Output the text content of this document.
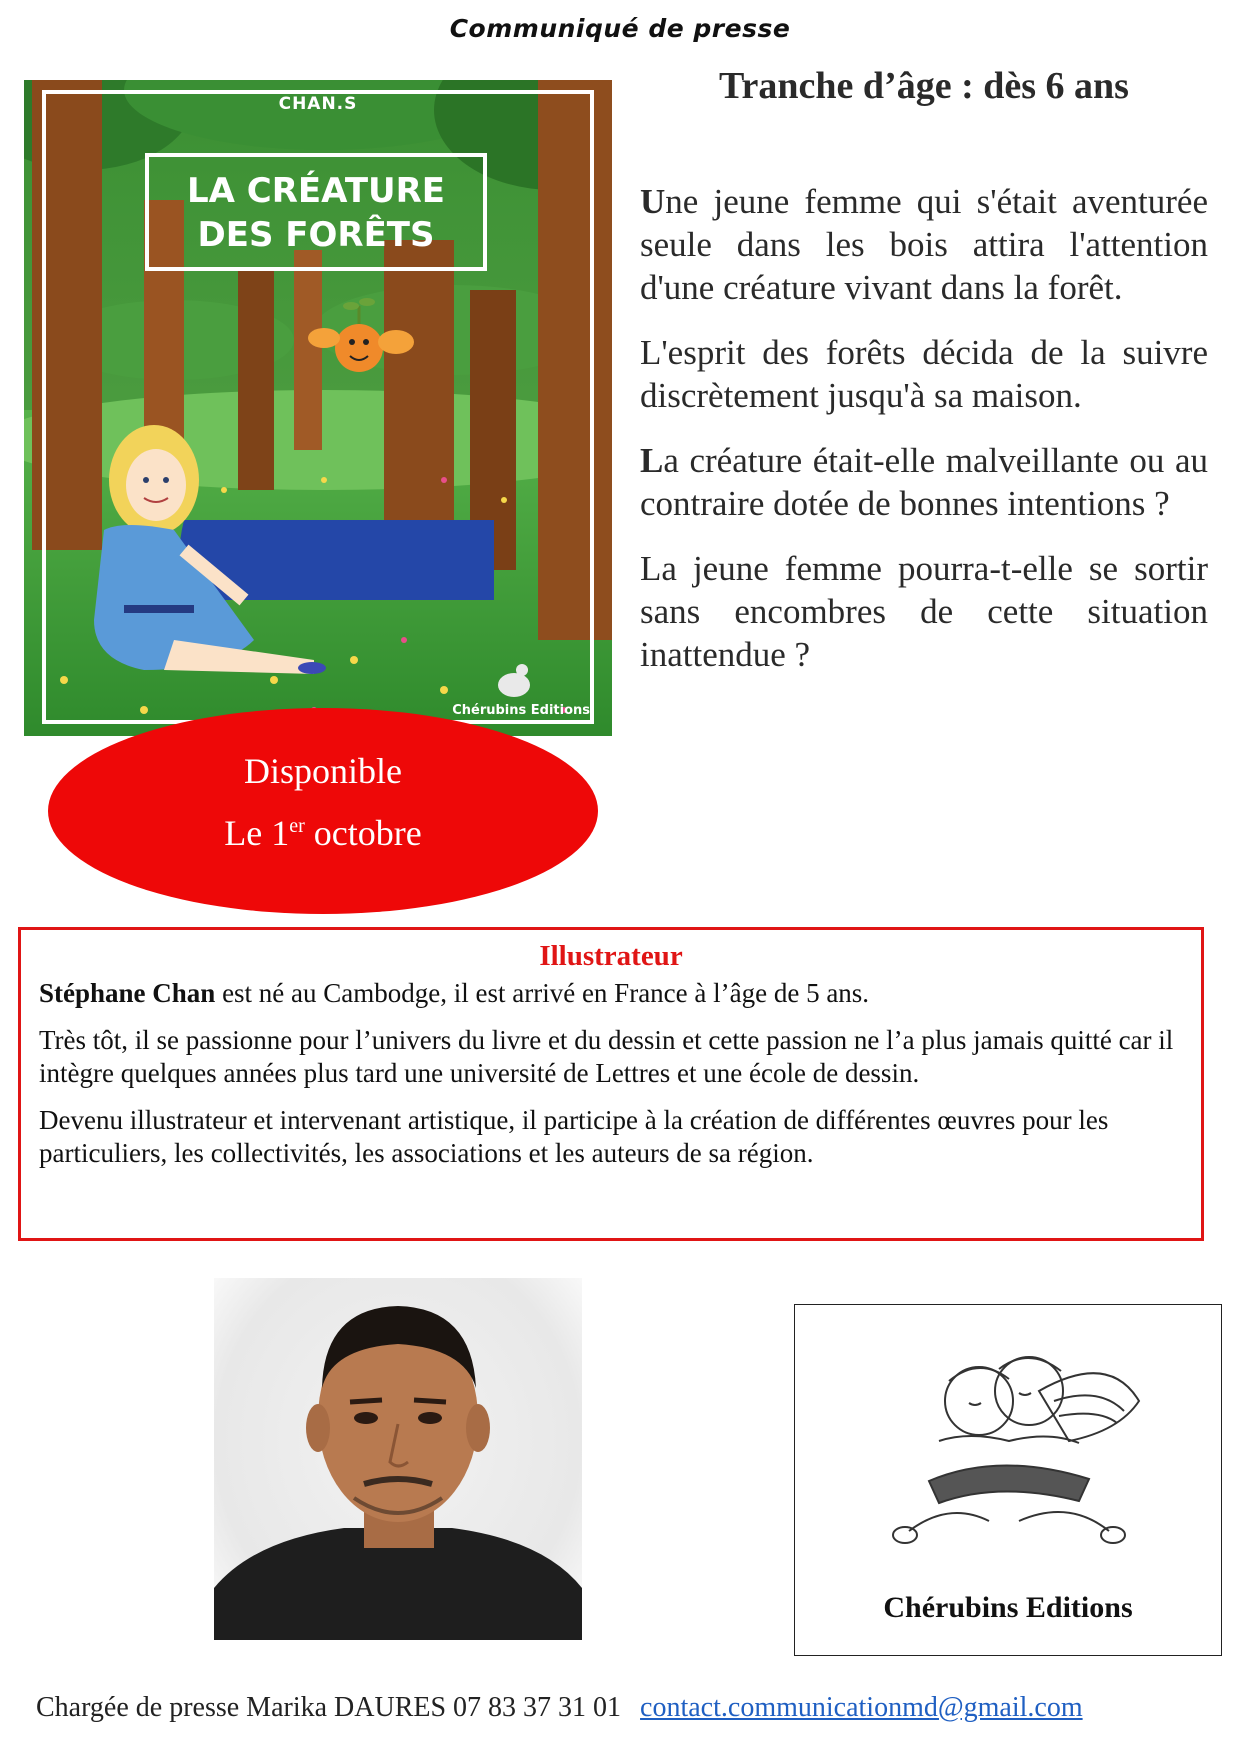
Communiqué de presse
CHAN.S
LA CRÉATURE
DES FORÊTS
Chérubins Editions
Disponible
Le 1er octobre
Tranche d’âge : dès 6 ans

Une jeune femme qui s'était aventurée seule dans les bois attira l'attention d'une créature vivant dans la forêt.

L'esprit des forêts décida de la suivre discrètement jusqu'à sa maison.

La créature était-elle malveillante ou au contraire dotée de bonnes intentions ?

La jeune femme pourra-t-elle se sortir sans encombres de cette situation inattendue ?

Illustrateur

Stéphane Chan est né au Cambodge, il est arrivé en France à l’âge de 5 ans.

Très tôt, il se passionne pour l’univers du livre et du dessin et cette passion ne l’a plus jamais quitté car il intègre quelques années plus tard une université de Lettres et une école de dessin.

Devenu illustrateur et intervenant artistique, il participe à la création de différentes œuvres pour les particuliers, les collectivités, les associations et les auteurs de sa région.

Chérubins Editions
Chargée de presse Marika DAURES 07 83 37 31 01 contact.communicationmd@gmail.com
